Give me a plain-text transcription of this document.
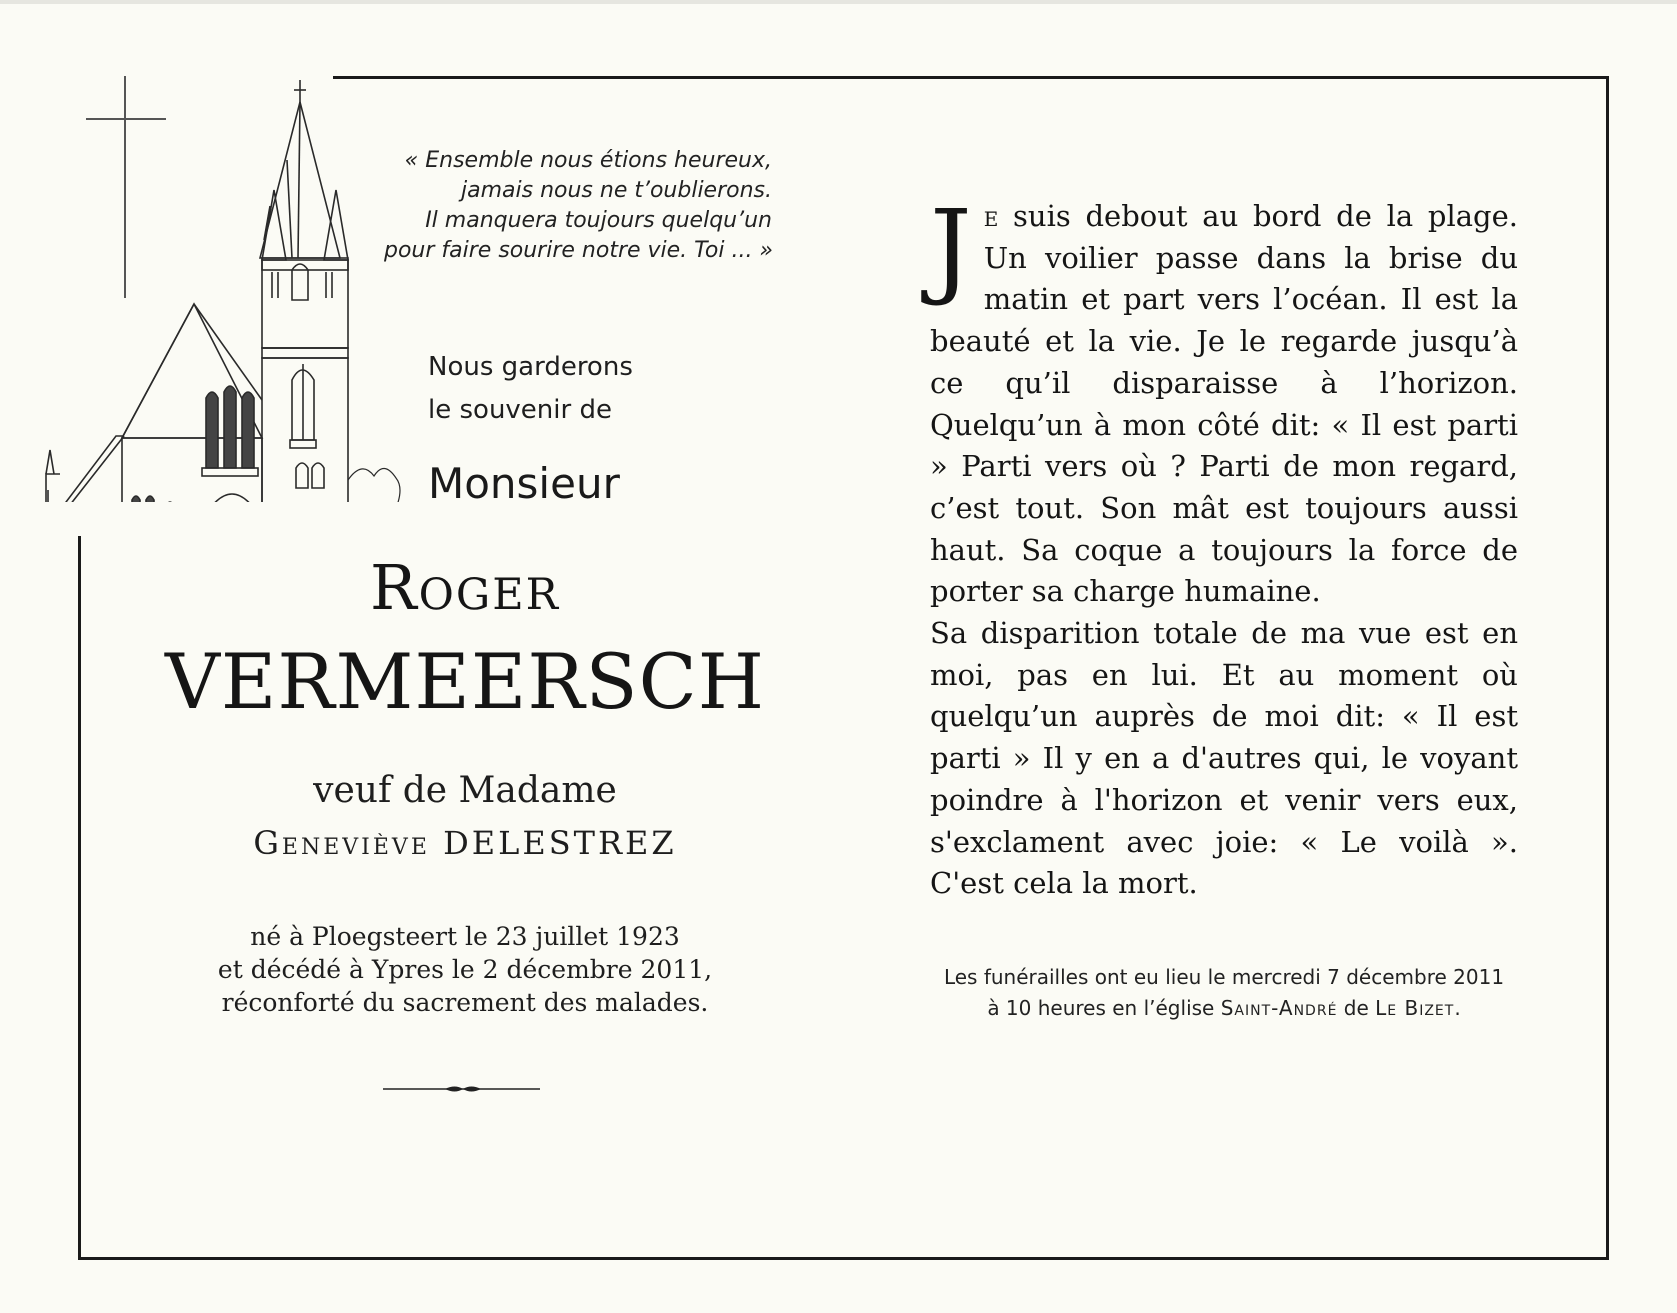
« Ensemble nous étions heureux,
jamais nous ne t’oublierons.
Il manquera toujours quelqu’un
pour faire sourire notre vie. Toi ... »
Nous garderons
le souvenir de
Monsieur
Roger
VERMEERSCH
veuf de Madame
Geneviève DELESTREZ
né à Ploegsteert le 23 juillet 1923
et décédé à Ypres le 2 décembre 2011,
réconforté du sacrement des malades.

Je suis debout au bord de la plage. Un voilier passe dans la brise du matin et part vers l’océan. Il est la beauté et la vie. Je le regarde jusqu’à ce qu’il disparaisse à l’horizon. Quelqu’un à mon côté dit: « Il est parti » Parti vers où ? Parti de mon regard, c’est tout. Son mât est toujours aussi haut. Sa coque a toujours la force de porter sa charge humaine.

Sa disparition totale de ma vue est en moi, pas en lui. Et au moment où quelqu’un auprès de moi dit: « Il est parti » Il y en a d'autres qui, le voyant poindre à l'horizon et venir vers eux, s'exclament avec joie: « Le voilà ». C'est cela la mort.

Les funérailles ont eu lieu le mercredi 7 décembre 2011
à 10 heures en l’église Saint-André de Le Bizet.
